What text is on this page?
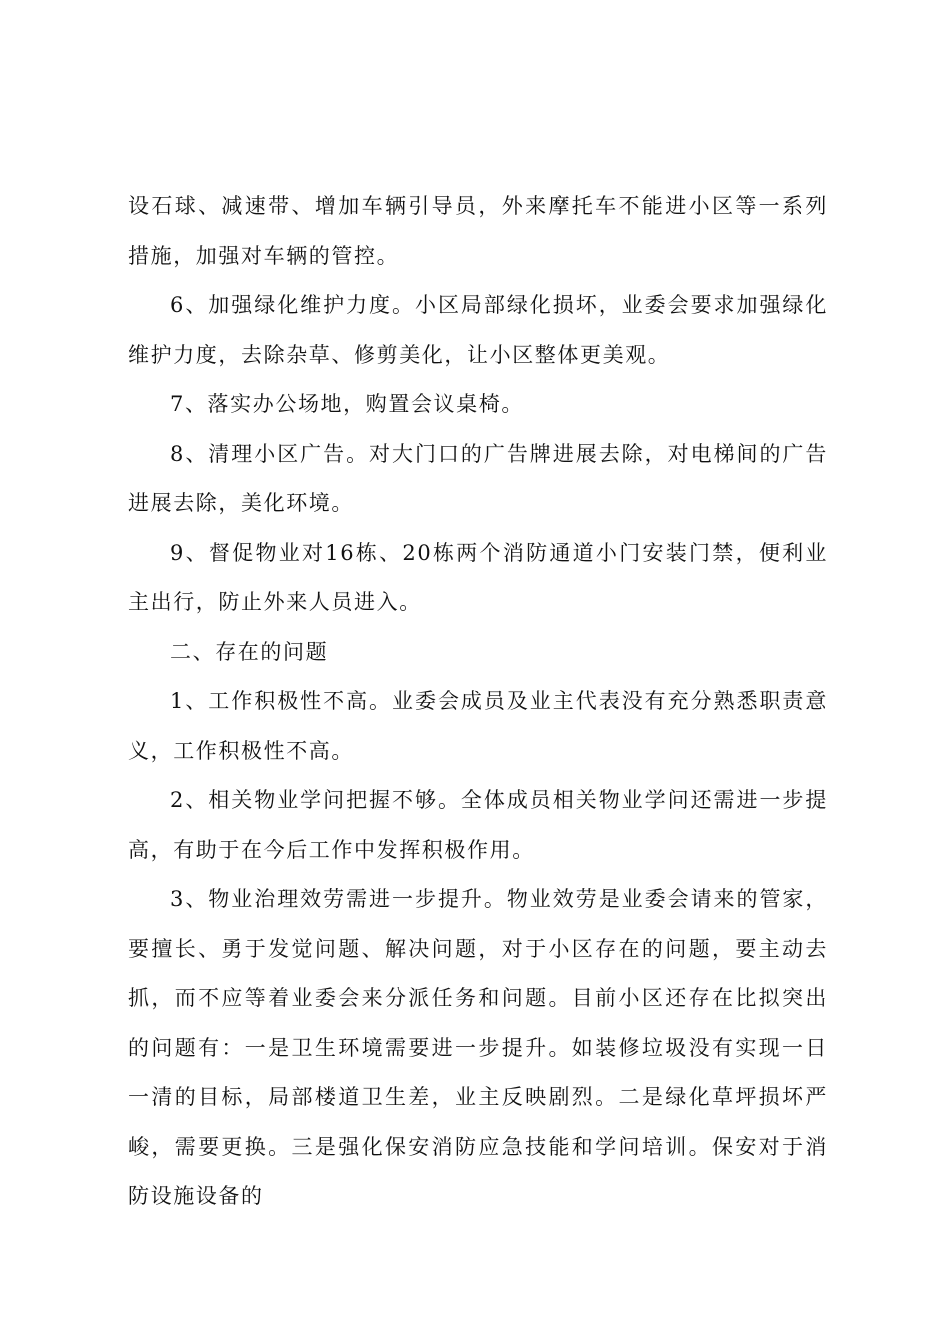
设石球、减速带、增加车辆引导员，外来摩托车不能进小区等一系列措施，加强对车辆的管控。

6、加强绿化维护力度。小区局部绿化损坏，业委会要求加强绿化维护力度，去除杂草、修剪美化，让小区整体更美观。

7、落实办公场地，购置会议桌椅。

8、清理小区广告。对大门口的广告牌进展去除，对电梯间的广告进展去除，美化环境。

9、督促物业对16栋、20栋两个消防通道小门安装门禁，便利业主出行，防止外来人员进入。

二、存在的问题

1、工作积极性不高。业委会成员及业主代表没有充分熟悉职责意义，工作积极性不高。

2、相关物业学问把握不够。全体成员相关物业学问还需进一步提高，有助于在今后工作中发挥积极作用。

3、物业治理效劳需进一步提升。物业效劳是业委会请来的管家，要擅长、勇于发觉问题、解决问题，对于小区存在的问题，要主动去抓，而不应等着业委会来分派任务和问题。目前小区还存在比拟突出的问题有：一是卫生环境需要进一步提升。如装修垃圾没有实现一日一清的目标，局部楼道卫生差，业主反映剧烈。二是绿化草坪损坏严峻，需要更换。三是强化保安消防应急技能和学问培训。保安对于消防设施设备的
